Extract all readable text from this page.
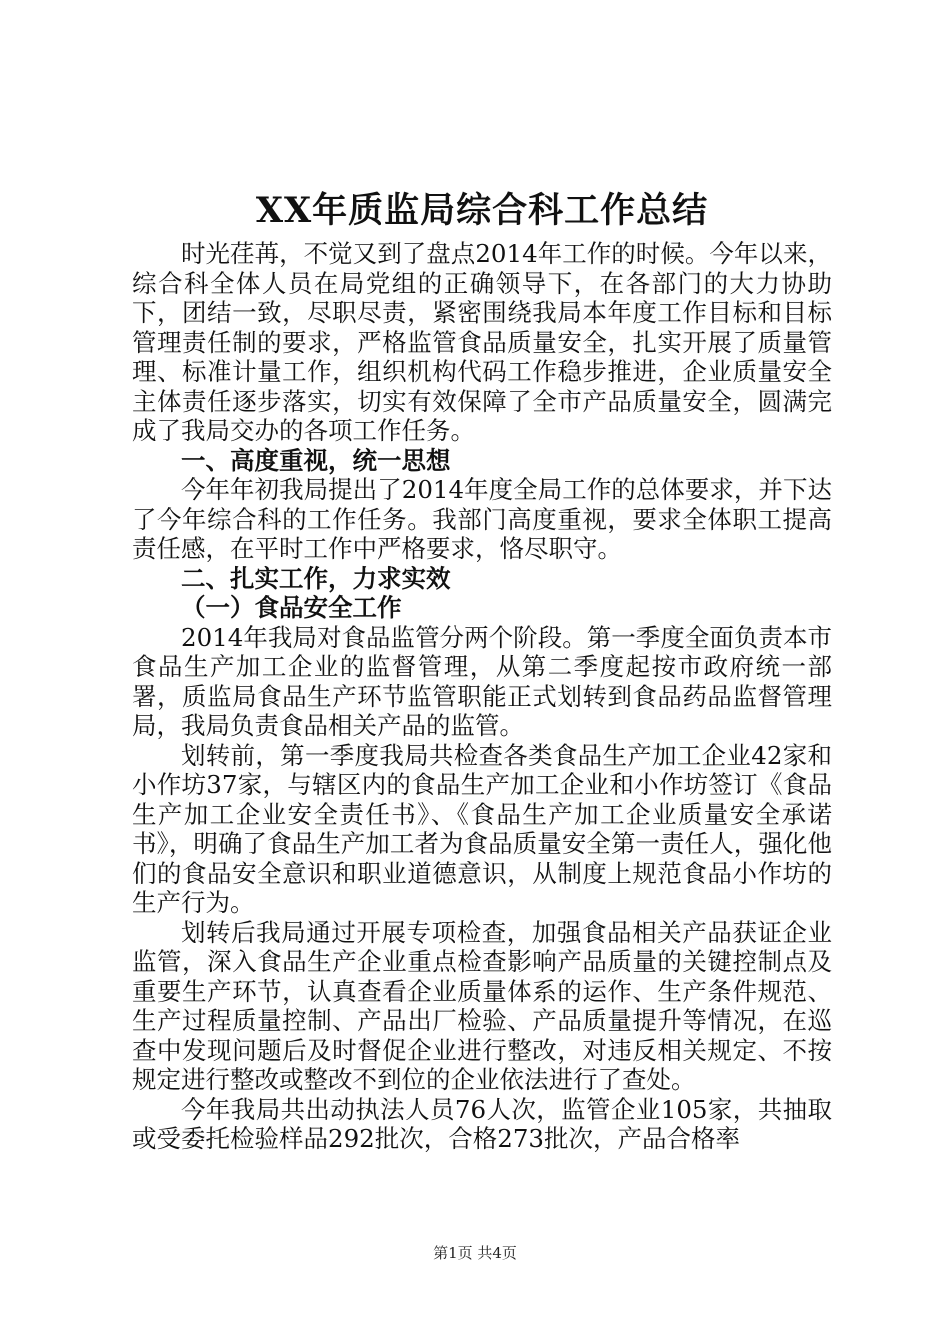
XX年质监局综合科工作总结

时光荏苒，不觉又到了盘点2014年工作的时候。今年以来，综合科全体人员在局党组的正确领导下，在各部门的大力协助下，团结一致，尽职尽责，紧密围绕我局本年度工作目标和目标管理责任制的要求，严格监管食品质量安全，扎实开展了质量管理、标准计量工作，组织机构代码工作稳步推进，企业质量安全主体责任逐步落实，切实有效保障了全市产品质量安全，圆满完成了我局交办的各项工作任务。

一、高度重视，统一思想

今年年初我局提出了2014年度全局工作的总体要求，并下达了今年综合科的工作任务。我部门高度重视，要求全体职工提高责任感，在平时工作中严格要求，恪尽职守。

二、扎实工作，力求实效

（一）食品安全工作

2014年我局对食品监管分两个阶段。第一季度全面负责本市食品生产加工企业的监督管理，从第二季度起按市政府统一部署，质监局食品生产环节监管职能正式划转到食品药品监督管理局，我局负责食品相关产品的监管。

划转前，第一季度我局共检查各类食品生产加工企业42家和小作坊37家，与辖区内的食品生产加工企业和小作坊签订《食品生产加工企业安全责任书》、《食品生产加工企业质量安全承诺书》，明确了食品生产加工者为食品质量安全第一责任人，强化他们的食品安全意识和职业道德意识，从制度上规范食品小作坊的生产行为。

划转后我局通过开展专项检查，加强食品相关产品获证企业监管，深入食品生产企业重点检查影响产品质量的关键控制点及重要生产环节，认真查看企业质量体系的运作、生产条件规范、生产过程质量控制、产品出厂检验、产品质量提升等情况，在巡查中发现问题后及时督促企业进行整改，对违反相关规定、不按规定进行整改或整改不到位的企业依法进行了查处。

今年我局共出动执法人员76人次，监管企业105家，共抽取或受委托检验样品292批次，合格273批次，产品合格率

第1页 共4页
